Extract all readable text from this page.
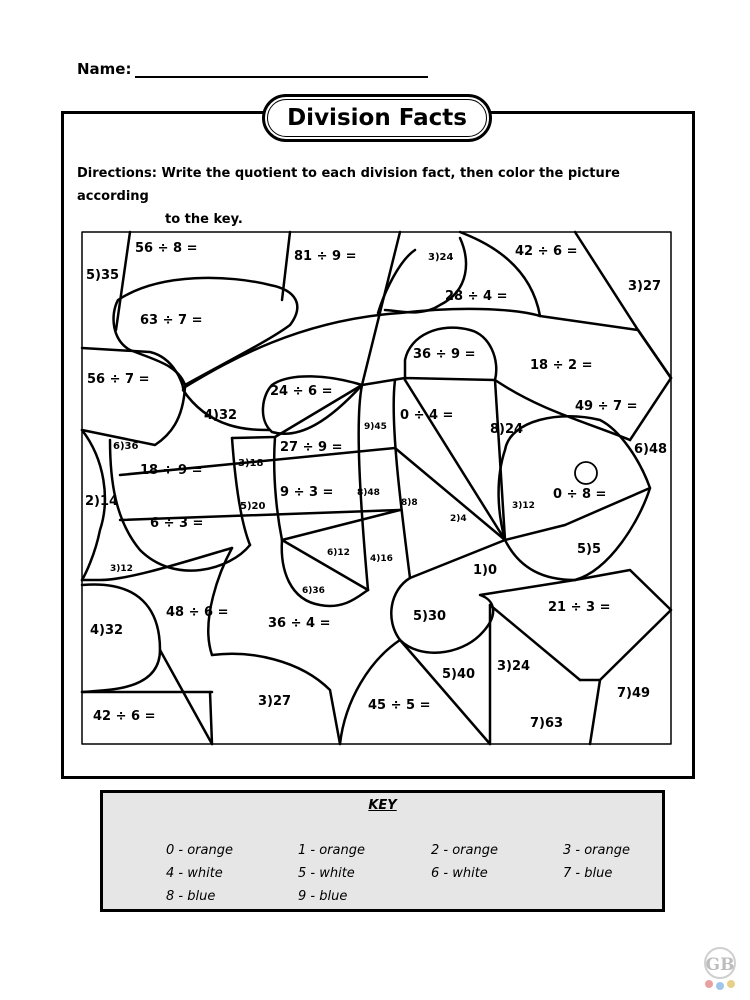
Name:
Division Facts
Directions: Write the quotient to each division fact, then color the picture according
to the key.
56 ÷ 8 =
81 ÷ 9 =	3)24	42 ÷ 6 =
5)35
3)27
28 ÷ 4 =
63 ÷ 7 =
56 ÷ 7 =
36 ÷ 9 =
18 ÷ 2 =
24 ÷ 6 =
4)32	0 ÷ 4 =
49 ÷ 7 =
9)45	8)24
6)36	27 ÷ 9 =	6)48
18 ÷ 9 =	3)18
0 ÷ 8 =
9 ÷ 3 =	8)48
2)14	5)20	8)8	3)12
2)4
6 ÷ 3 =
5)5
6)12
4)16
3)12	1)0
6)36
48 ÷ 6 =	5)30
21 ÷ 3 =
4)32	36 ÷ 4 =
5)40
3)24
3)27
7)49
45 ÷ 5 =
42 ÷ 6 =	7)63
KEY
0 - orange	1 - orange	2 - orange	3 - orange
4 - white	5 - white	6 - white	7 - blue
8 - blue	9 - blue
GB
